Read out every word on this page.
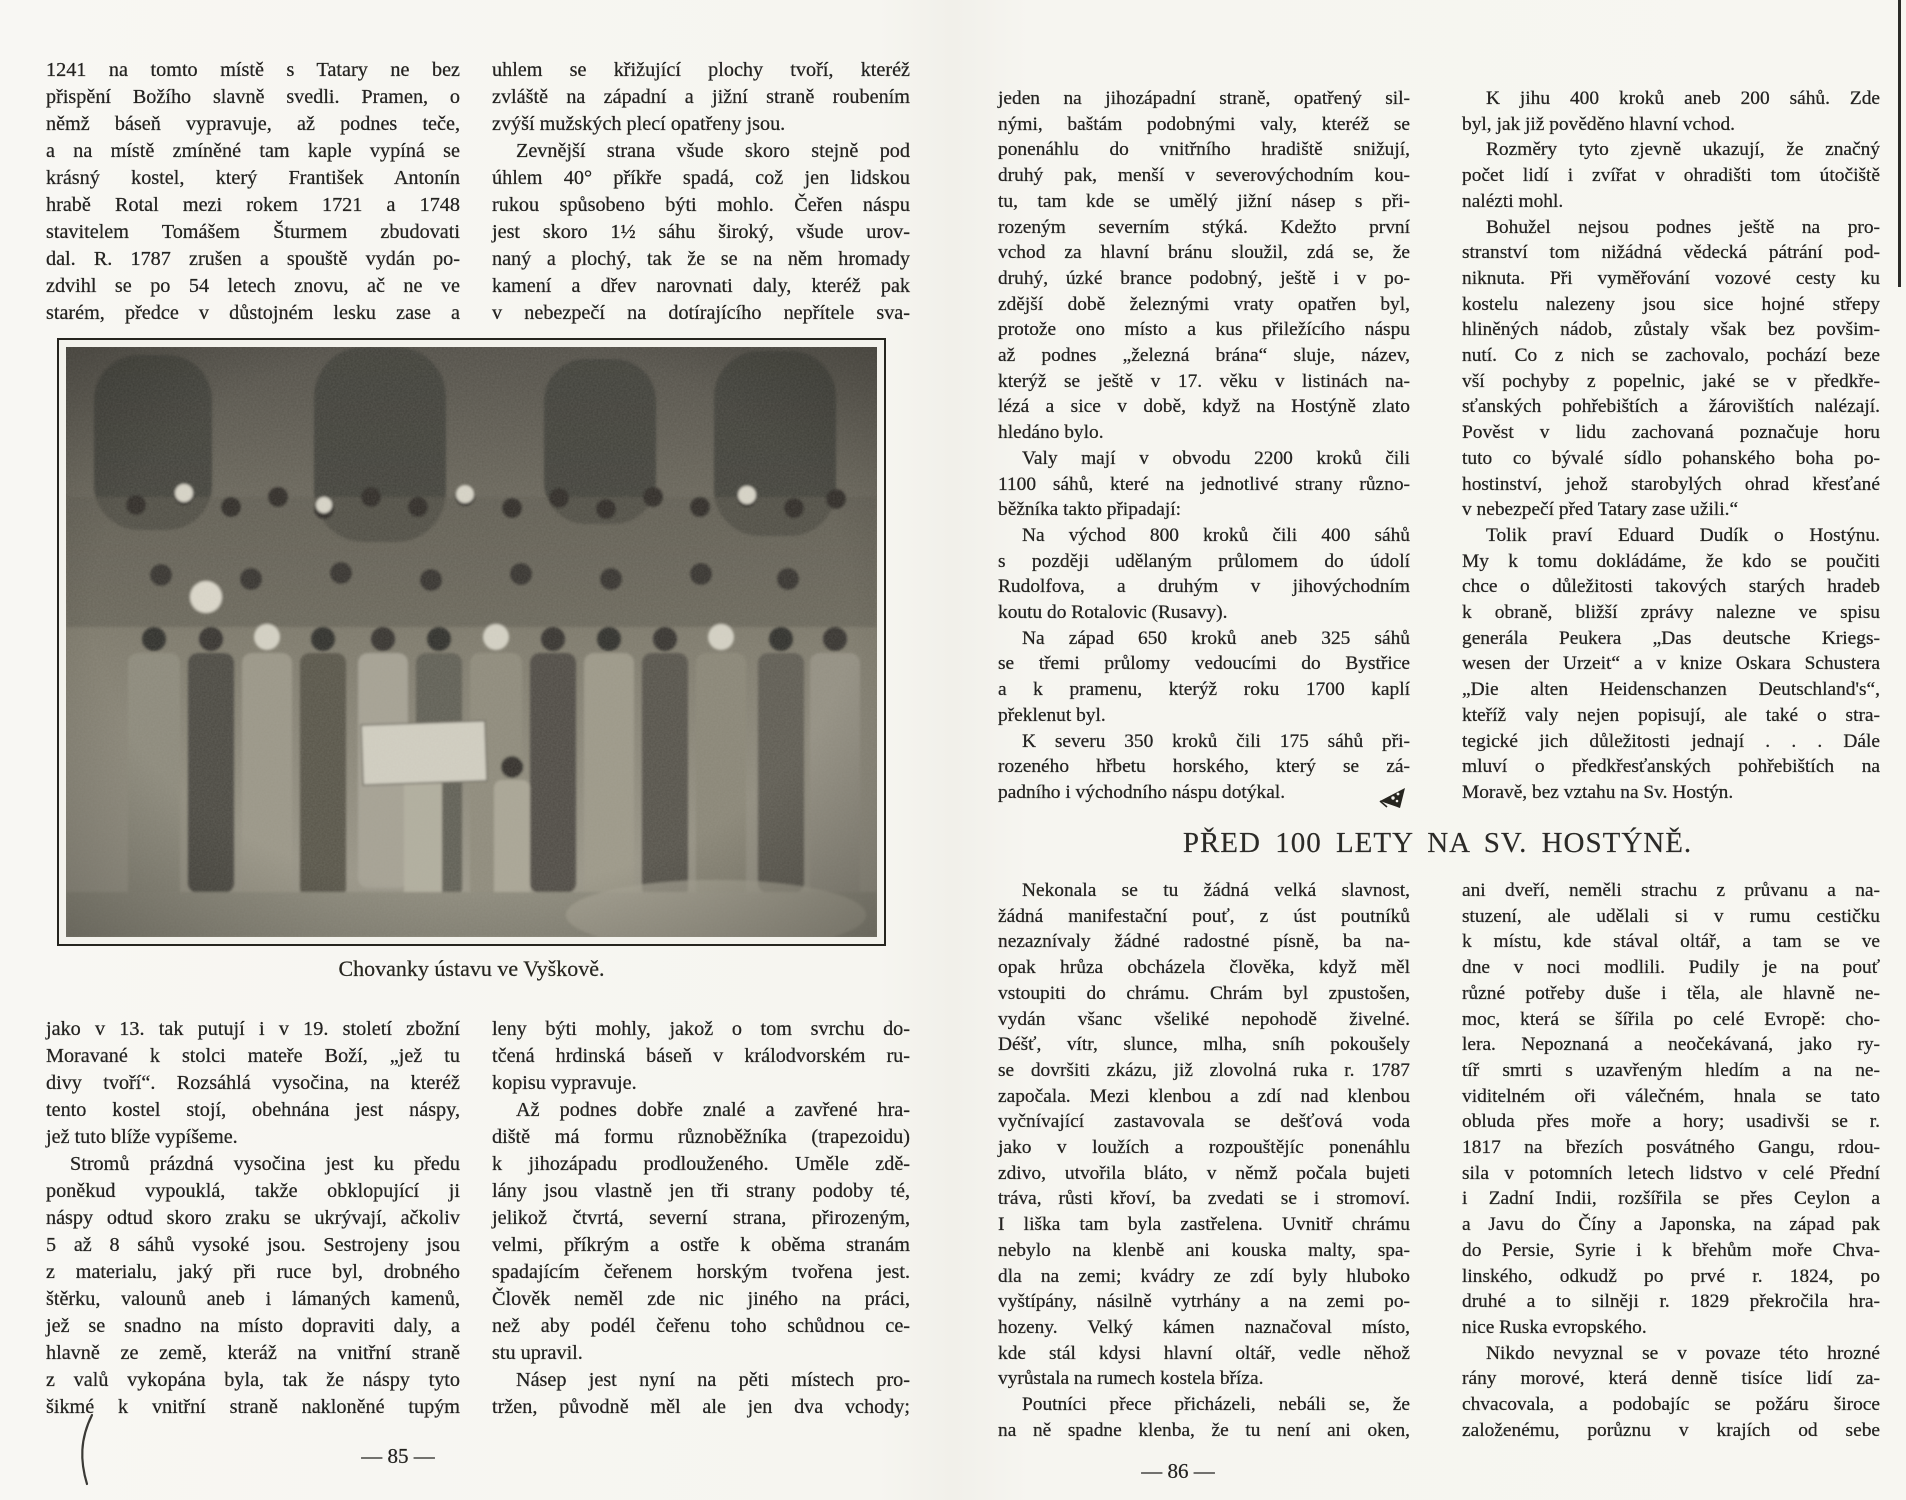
1241 na tomto místě s Tatary ne bez
přispění Božího slavně svedli. Pramen, o
němž báseň vypravuje, až podnes teče,
a na místě zmíněné tam kaple vypíná se
krásný kostel, který František Antonín
hrabě Rotal mezi rokem 1721 a 1748
stavitelem Tomášem Šturmem zbudovati
dal. R. 1787 zrušen a spouště vydán po-
zdvihl se po 54 letech znovu, ač ne ve
starém, předce v důstojném lesku zase a
uhlem se křižující plochy tvoří, kteréž
zvláště na západní a jižní straně roubením
zvýší mužských plecí opatřeny jsou.
Zevnější strana všude skoro stejně pod
úhlem 40° příkře spadá, což jen lidskou
rukou spůsobeno býti mohlo. Čeřen náspu
jest skoro 1½ sáhu široký, všude urov-
naný a plochý, tak že se na něm hromady
kamení a dřev narovnati daly, kteréž pak
v nebezpečí na dotírajícího nepřítele sva-
Chovanky ústavu ve Vyškově.
jako v 13. tak putují i v 19. století zbožní
Moravané k stolci mateře Boží, „jež tu
divy tvoří“. Rozsáhlá vysočina, na kteréž
tento kostel stojí, obehnána jest náspy,
jež tuto blíže vypíšeme.
Stromů prázdná vysočina jest ku předu
poněkud vypouklá, takže obklopující ji
náspy odtud skoro zraku se ukrývají, ačkoliv
5 až 8 sáhů vysoké jsou. Sestrojeny jsou
z materialu, jaký při ruce byl, drobného
štěrku, valounů aneb i lámaných kamenů,
jež se snadno na místo dopraviti daly, a
hlavně ze země, kteráž na vnitřní straně
z valů vykopána byla, tak že náspy tyto
šikmé k vnitřní straně nakloněné tupým
leny býti mohly, jakož o tom svrchu do-
tčená hrdinská báseň v králodvorském ru-
kopisu vypravuje.
Až podnes dobře znalé a zavřené hra-
diště má formu různoběžníka (trapezoidu)
k jihozápadu prodlouženého. Uměle zdě-
lány jsou vlastně jen tři strany podoby té,
jelikož čtvrtá, severní strana, přirozeným,
velmi, příkrým a ostře k oběma stranám
spadajícím čeřenem horským tvořena jest.
Člověk neměl zde nic jiného na práci,
než aby podél čeřenu toho schůdnou ce-
stu upravil.
Násep jest nyní na pěti místech pro-
tržen, původně měl ale jen dva vchody;
— 85 —
jeden na jihozápadní straně, opatřený sil-
nými, baštám podobnými valy, kteréž se
ponenáhlu do vnitřního hradiště snižují,
druhý pak, menší v severovýchodním kou-
tu, tam kde se umělý jižní násep s při-
rozeným severním stýká. Kdežto první
vchod za hlavní bránu sloužil, zdá se, že
druhý, úzké brance podobný, ještě i v po-
zdější době železnými vraty opatřen byl,
protože ono místo a kus přiležícího náspu
až podnes „železná brána“ sluje, název,
kterýž se ještě v 17. věku v listinách na-
lézá a sice v době, když na Hostýně zlato
hledáno bylo.
Valy mají v obvodu 2200 kroků čili
1100 sáhů, které na jednotlivé strany různo-
běžníka takto připadají:
Na východ 800 kroků čili 400 sáhů
s později udělaným průlomem do údolí
Rudolfova, a druhým v jihovýchodním
koutu do Rotalovic (Rusavy).
Na západ 650 kroků aneb 325 sáhů
se třemi průlomy vedoucími do Bystřice
a k pramenu, kterýž roku 1700 kaplí
překlenut byl.
K severu 350 kroků čili 175 sáhů při-
rozeného hřbetu horského, který se zá-
padního i východního náspu dotýkal.
K jihu 400 kroků aneb 200 sáhů. Zde
byl, jak již pověděno hlavní vchod.
Rozměry tyto zjevně ukazují, že značný
počet lidí i zvířat v ohradišti tom útočiště
nalézti mohl.
Bohužel nejsou podnes ještě na pro-
stranství tom nižádná vědecká pátrání pod-
niknuta. Při vyměřování vozové cesty ku
kostelu nalezeny jsou sice hojné střepy
hliněných nádob, zůstaly však bez povšim-
nutí. Co z nich se zachovalo, pochází beze
vší pochyby z popelnic, jaké se v předkře-
sťanských pohřebištích a žárovištích nalézají.
Pověst v lidu zachovaná poznačuje horu
tuto co bývalé sídlo pohanského boha po-
hostinství, jehož starobylých ohrad křesťané
v nebezpečí před Tatary zase užili.“
Tolik praví Eduard Dudík o Hostýnu.
My k tomu dokládáme, že kdo se poučiti
chce o důležitosti takových starých hradeb
k obraně, bližší zprávy nalezne ve spisu
generála Peukera „Das deutsche Kriegs-
wesen der Urzeit“ a v knize Oskara Schustera
„Die alten Heidenschanzen Deutschland's“,
kteříž valy nejen popisují, ale také o stra-
tegické jich důležitosti jednají . . . Dále
mluví o předkřesťanských pohřebištích na
Moravě, bez vztahu na Sv. Hostýn.
PŘED 100 LETY NA SV. HOSTÝNĚ.
Nekonala se tu žádná velká slavnost,
žádná manifestační pouť, z úst poutníků
nezaznívaly žádné radostné písně, ba na-
opak hrůza obcházela člověka, když měl
vstoupiti do chrámu. Chrám byl zpustošen,
vydán všanc všeliké nepohodě živelné.
Déšť, vítr, slunce, mlha, sníh pokoušely
se dovršiti zkázu, již zlovolná ruka r. 1787
započala. Mezi klenbou a zdí nad klenbou
vyčnívající zastavovala se dešťová voda
jako v loužích a rozpouštějíc ponenáhlu
zdivo, utvořila bláto, v němž počala bujeti
tráva, růsti křoví, ba zvedati se i stromoví.
I liška tam byla zastřelena. Uvnitř chrámu
nebylo na klenbě ani kouska malty, spa-
dla na zemi; kvádry ze zdí byly hluboko
vyštípány, násilně vytrhány a na zemi po-
hozeny. Velký kámen naznačoval místo,
kde stál kdysi hlavní oltář, vedle něhož
vyrůstala na rumech kostela bříza.
Poutníci přece přicházeli, nebáli se, že
na ně spadne klenba, že tu není ani oken,
ani dveří, neměli strachu z průvanu a na-
stuzení, ale udělali si v rumu cestičku
k místu, kde stával oltář, a tam se ve
dne v noci modlili. Pudily je na pouť
různé potřeby duše i těla, ale hlavně ne-
moc, která se šířila po celé Evropě: cho-
lera. Nepoznaná a neočekávaná, jako ry-
tíř smrti s uzavřeným hledím a na ne-
viditelném oři válečném, hnala se tato
obluda přes moře a hory; usadivši se r.
1817 na březích posvátného Gangu, rdou-
sila v potomních letech lidstvo v celé Přední
i Zadní Indii, rozšířila se přes Ceylon a
a Javu do Číny a Japonska, na západ pak
do Persie, Syrie i k břehům moře Chva-
linského, odkudž po prvé r. 1824, po
druhé a to silněji r. 1829 překročila hra-
nice Ruska evropského.
Nikdo nevyznal se v povaze této hrozné
rány morové, která denně tisíce lidí za-
chvacovala, a podobajíc se požáru široce
založenému, porůznu v krajích od sebe
— 86 —
